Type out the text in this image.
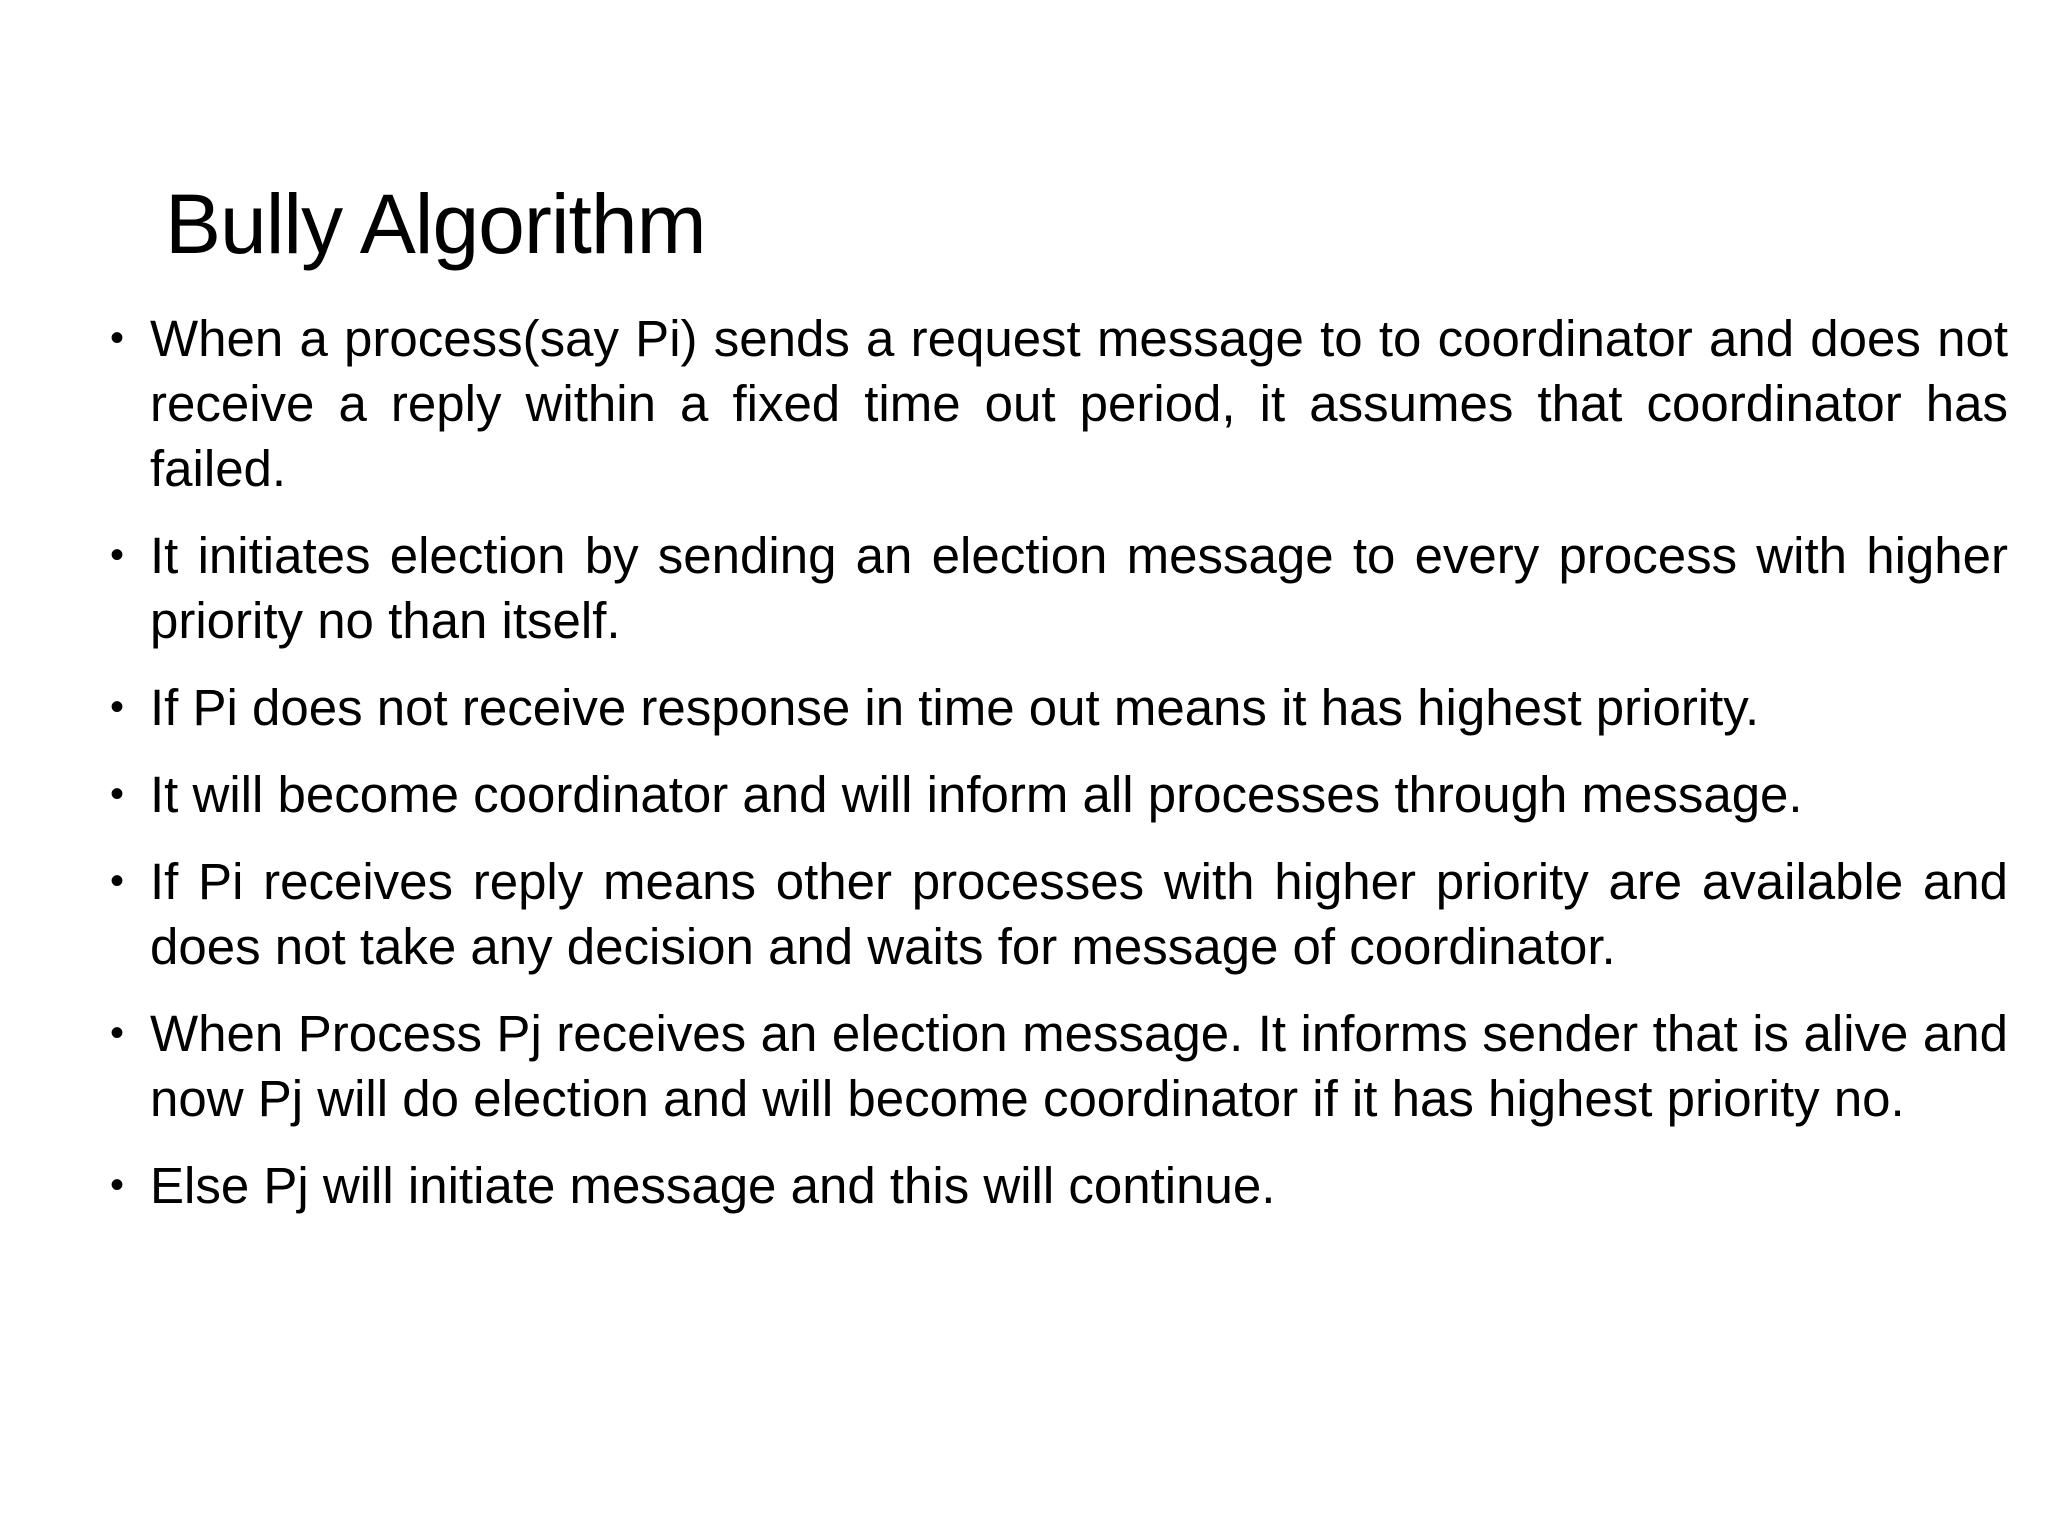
Bully Algorithm
• When a process(say Pi) sends a request message to to coordinator and does not receive a reply within a fixed time out period, it assumes that coordinator has failed.
• It initiates election by sending an election message to every process with higher priority no than itself.
• If Pi does not receive response in time out means it has highest priority.
• It will become coordinator and will inform all processes through message.
• If Pi receives reply means other processes with higher priority are available and does not take any decision and waits for message of coordinator.
• When Process Pj receives an election message. It informs sender that is alive and now Pj will do election and will become coordinator if it has highest priority no.
• Else Pj will initiate message and this will continue.
